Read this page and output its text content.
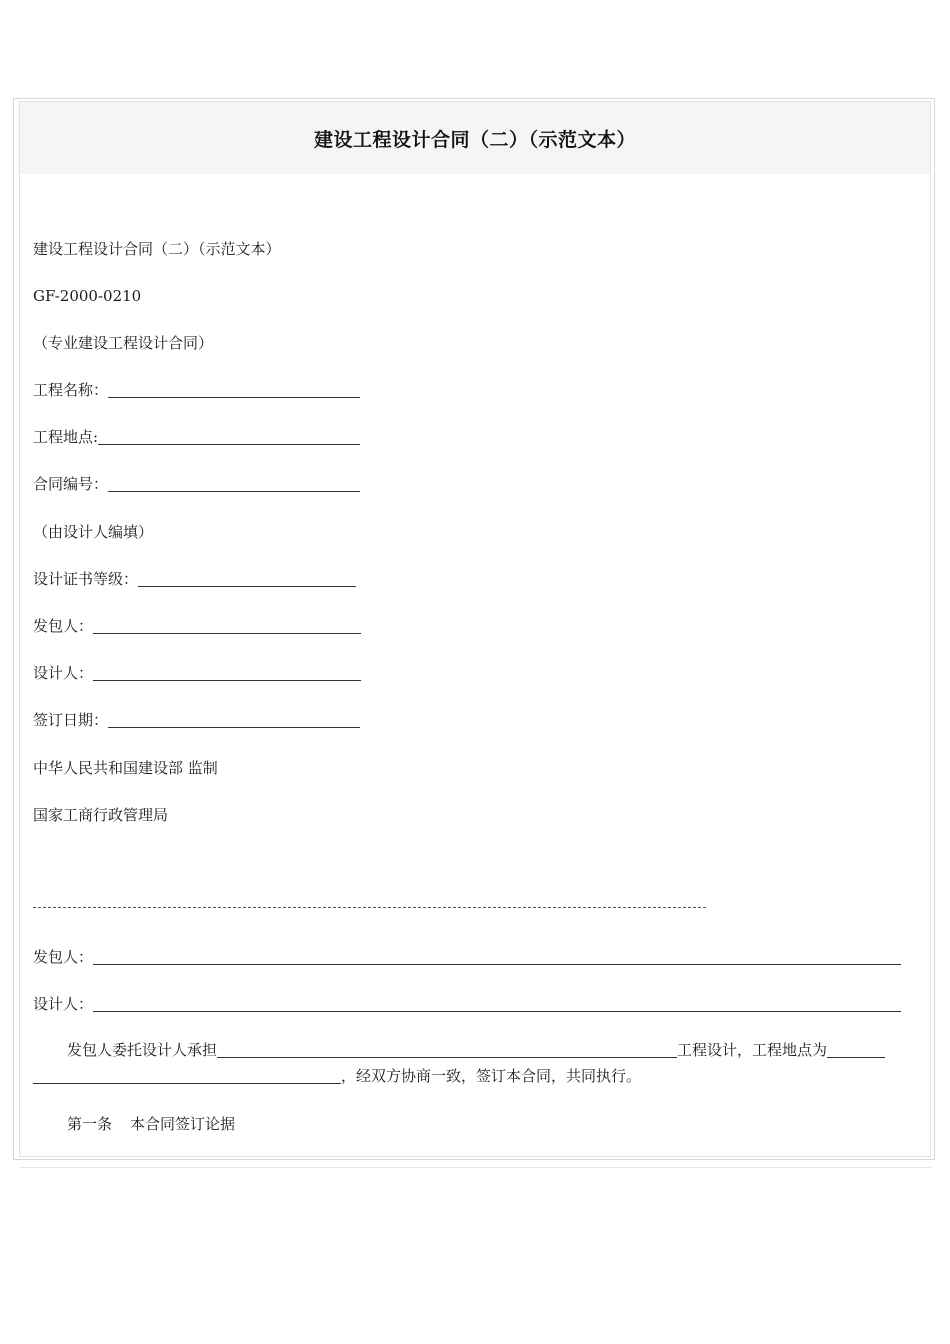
建设工程设计合同（二）（示范文本）
建设工程设计合同（二）（示范文本）
GF-2000-0210
（专业建设工程设计合同）
工程名称：
工程地点:
合同编号：
（由设计人编填）
设计证书等级：
发包人：
设计人：
签订日期：
中华人民共和国建设部 监制
国家工商行政管理局
发包人：
设计人：
发包人委托设计人承担	工程设计，工程地点为
，经双方协商一致，签订本合同，共同执行。
第一条 本合同签订论据
